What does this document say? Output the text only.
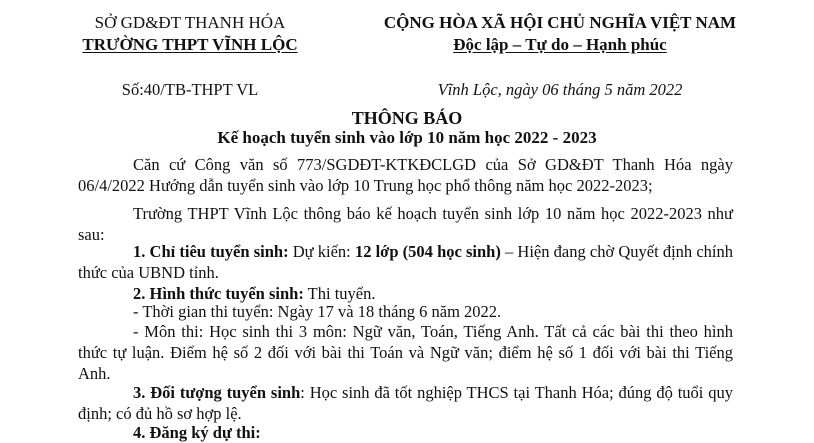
SỞ GD&ĐT THANH HÓA
TRƯỜNG THPT VĨNH LỘC
Số:40/TB-THPT VL
CỘNG HÒA XÃ HỘI CHỦ NGHĨA VIỆT NAM
Độc lập – Tự do – Hạnh phúc
Vĩnh Lộc, ngày 06 tháng 5 năm 2022
THÔNG BÁO
Kế hoạch tuyển sinh vào lớp 10 năm học 2022 - 2023
Căn cứ Công văn số 773/SGDĐT-KTKĐCLGD của Sở GD&ĐT Thanh Hóa ngày 06/4/2022 Hướng dẫn tuyển sinh vào lớp 10 Trung học phổ thông năm học 2022-2023;
Trường THPT Vĩnh Lộc thông báo kế hoạch tuyển sinh lớp 10 năm học 2022-2023 như sau:
1. Chỉ tiêu tuyển sinh: Dự kiến: 12 lớp (504 học sinh) – Hiện đang chờ Quyết định chính thức của UBND tỉnh.
2. Hình thức tuyển sinh: Thi tuyển.
- Thời gian thi tuyển: Ngày 17 và 18 tháng 6 năm 2022.
- Môn thi: Học sinh thi 3 môn: Ngữ văn, Toán, Tiếng Anh. Tất cả các bài thi theo hình thức tự luận. Điểm hệ số 2 đối với bài thi Toán và Ngữ văn; điểm hệ số 1 đối với bài thi Tiếng Anh.
3. Đối tượng tuyển sinh: Học sinh đã tốt nghiệp THCS tại Thanh Hóa; đúng độ tuổi quy định; có đủ hồ sơ hợp lệ.
4. Đăng ký dự thi:
